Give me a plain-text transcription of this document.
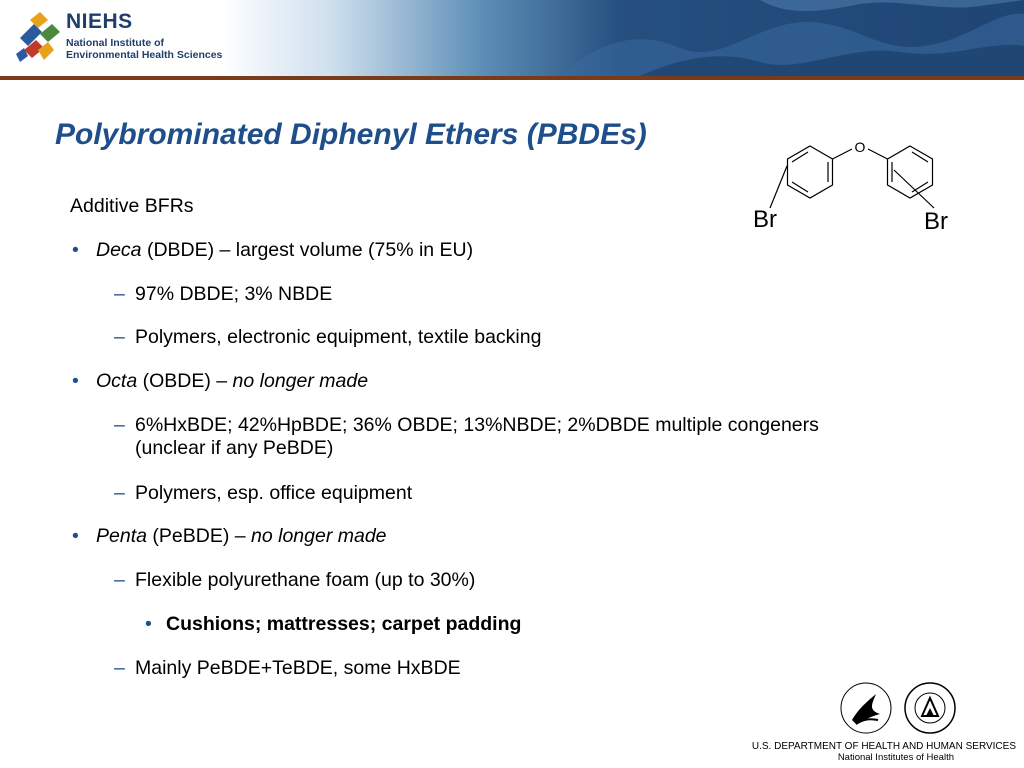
NIEHS
National Institute of
Environmental Health Sciences
Polybrominated Diphenyl Ethers (PBDEs)	O
Br	Br
Additive BFRs
• Deca (DBDE) – largest volume (75% in EU)
– 97% DBDE; 3% NBDE
– Polymers, electronic equipment, textile backing
• Octa (OBDE) – no longer made
– 6%HxBDE; 42%HpBDE; 36% OBDE; 13%NBDE; 2%DBDE multiple congeners
(unclear if any PeBDE)
– Polymers, esp. office equipment
• Penta (PeBDE) – no longer made
– Flexible polyurethane foam (up to 30%)
• Cushions; mattresses; carpet padding
– Mainly PeBDE+TeBDE, some HxBDE
U.S. DEPARTMENT OF HEALTH AND HUMAN SERVICES
National Institutes of Health
